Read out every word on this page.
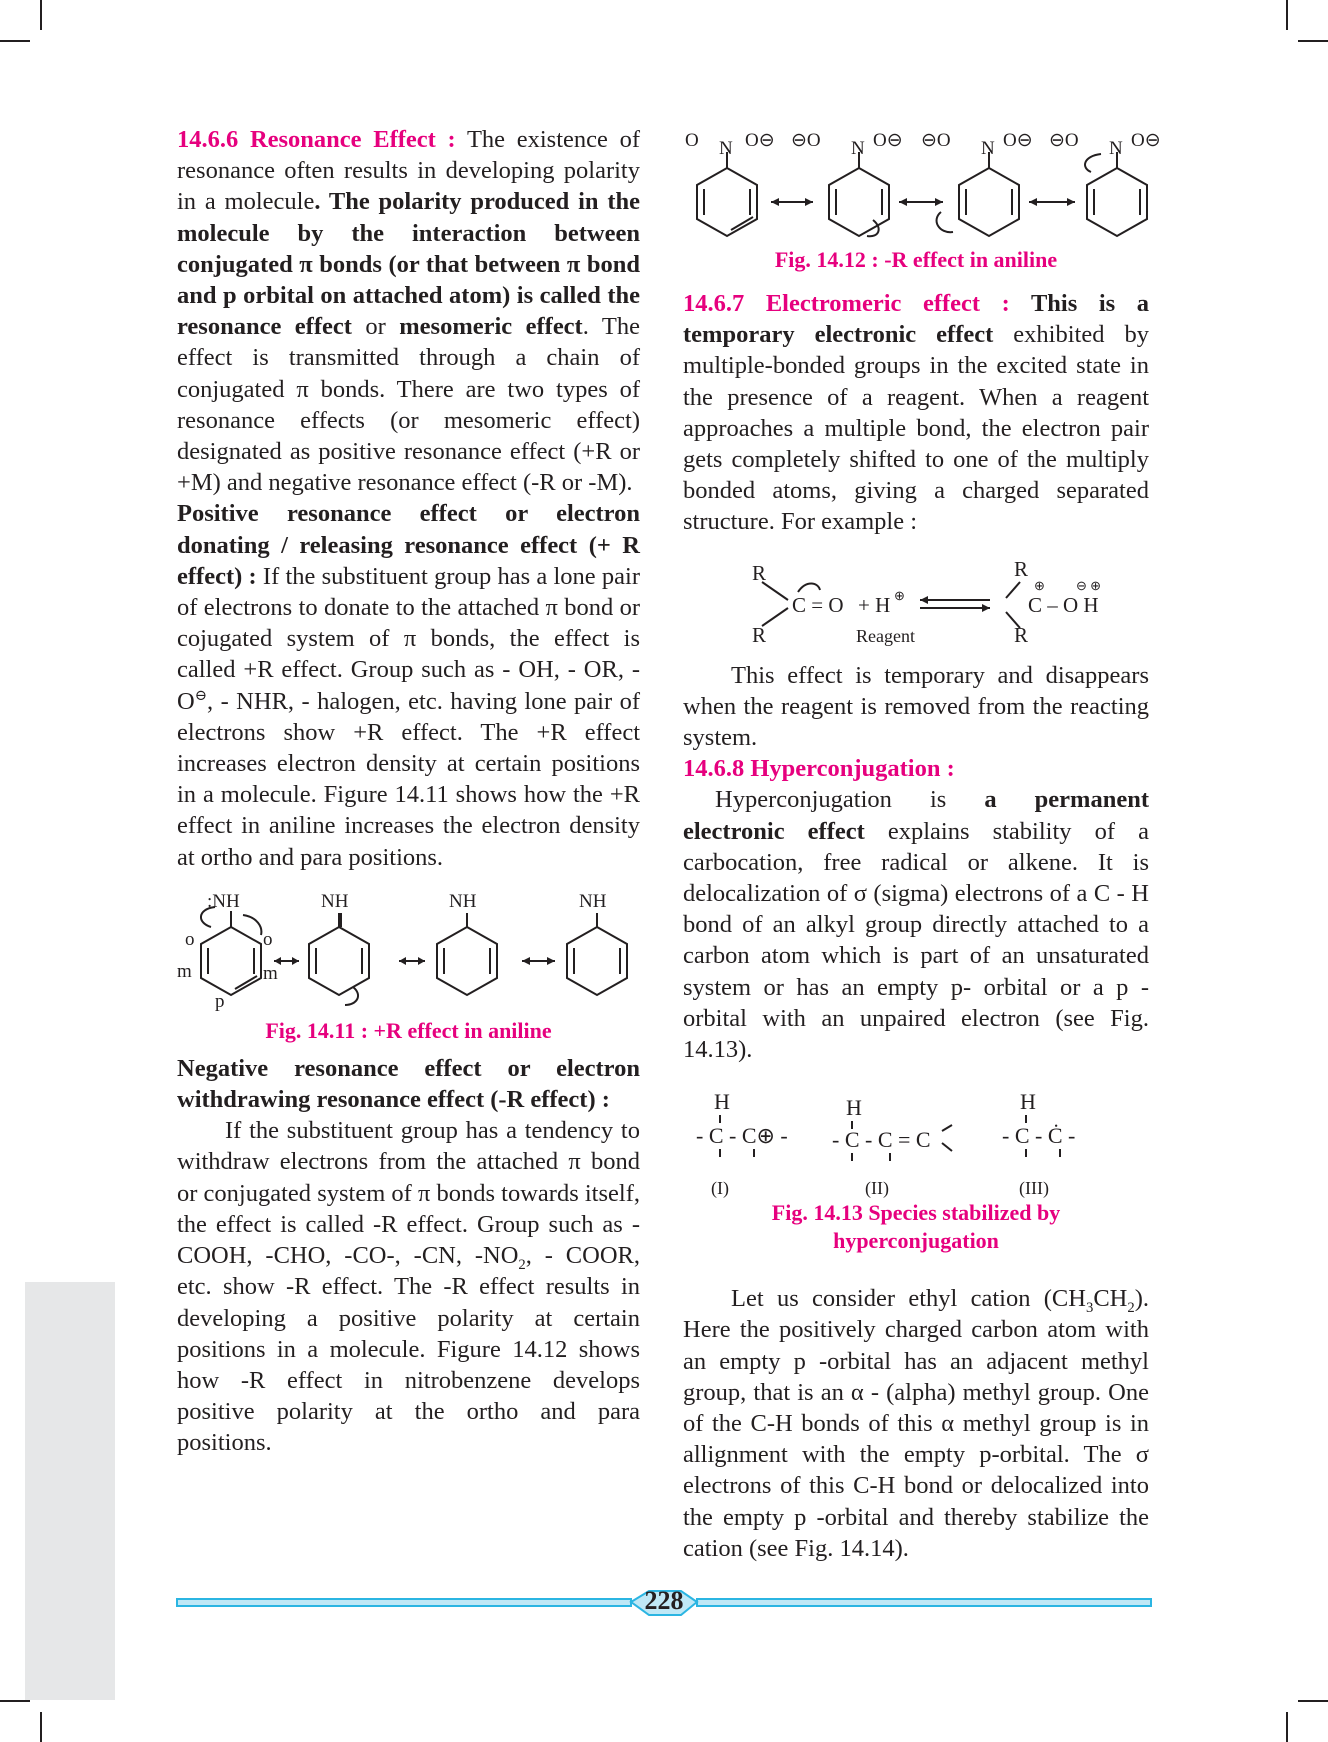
14.6.6 Resonance Effect : The existence of resonance often results in developing polarity in a molecule. The polarity produced in the molecule by the interaction between conjugated π bonds (or that between π bond and p orbital on attached atom) is called the resonance effect or mesomeric effect. The effect is transmitted through a chain of conjugated π bonds. There are two types of resonance effects (or mesomeric effect) designated as positive resonance effect (+R or +M) and negative resonance effect (-R or -M).

Positive resonance effect or electron donating / releasing resonance effect (+ R effect) : If the substituent group has a lone pair of electrons to donate to the attached π bond or cojugated system of π bonds, the effect is called +R effect. Group such as - OH, - OR, - O⊖, - NHR, - halogen, etc. having lone pair of electrons show +R effect. The +R effect increases electron density at certain positions in a molecule. Figure 14.11 shows how the +R effect in aniline increases the electron density at ortho and para positions.

:NH	NH	NH	NH
o	o
m	m
p
Fig. 14.11 : +R effect in aniline

Negative resonance effect or electron withdrawing resonance effect (-R effect) :

If the substituent group has a tendency to withdraw electrons from the attached π bond or conjugated system of π bonds towards itself, the effect is called -R effect. Group such as -COOH, -CHO, -CO-, -CN, $-NO_2$, - COOR, etc. show -R effect. The -R effect results in developing a positive polarity at certain positions in a molecule. Figure 14.12 shows how -R effect in nitrobenzene develops positive polarity at the ortho and para positions.

O N O⊖ ⊖O N O⊖ ⊖O N O⊖ ⊖O N O⊖
Fig. 14.12 : -R effect in aniline

14.6.7 Electromeric effect : This is a temporary electronic effect exhibited by multiple-bonded groups in the excited state in the presence of a reagent. When a reagent approaches a multiple bond, the electron pair gets completely shifted to one of the multiply bonded atoms, giving a charged separated structure. For example :

R
R
C = O + H ⊕
Reagent
R
R
C – O H
⊕ ⊖ ⊕

This effect is temporary and disappears when the reagent is removed from the reacting system.

14.6.8 Hyperconjugation :

Hyperconjugation is a permanent electronic effect explains stability of a carbocation, free radical or alkene. It is delocalization of σ (sigma) electrons of a C - H bond of an alkyl group directly attached to a carbon atom which is part of an unsaturated system or has an empty p- orbital or a p - orbital with an unpaired electron (see Fig. 14.13).

H
- C - C⊕ -
H
- C - C = C
H
- C - Ċ -
(I)	(II)	(III)
Fig. 14.13 Species stabilized by
hyperconjugation

Let us consider ethyl cation $(CH_3CH_2)$. Here the positively charged carbon atom with an empty p -orbital has an adjacent methyl group, that is an α - (alpha) methyl group. One of the C-H bonds of this α methyl group is in allignment with the empty p-orbital. The σ electrons of this C-H bond or delocalized into the empty p -orbital and thereby stabilize the cation (see Fig. 14.14).

228
